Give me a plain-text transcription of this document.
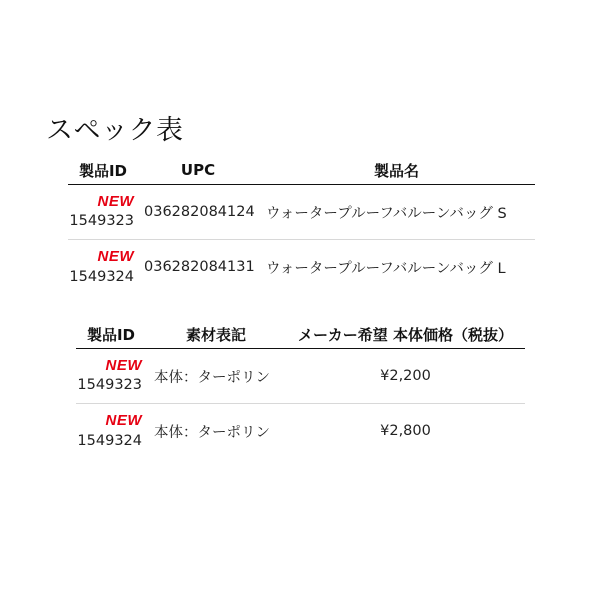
スペック表
製品ID	UPC	製品名

NEW
1549323	036282084124	ウォータープルーフバルーンバッグ S

NEW
1549324	036282084131	ウォータープルーフバルーンバッグ L
製品ID	素材表記	メーカー希望 本体価格（税抜）

NEW
1549323	本体：ターポリン	¥2,200

NEW
1549324	本体：ターポリン	¥2,800
